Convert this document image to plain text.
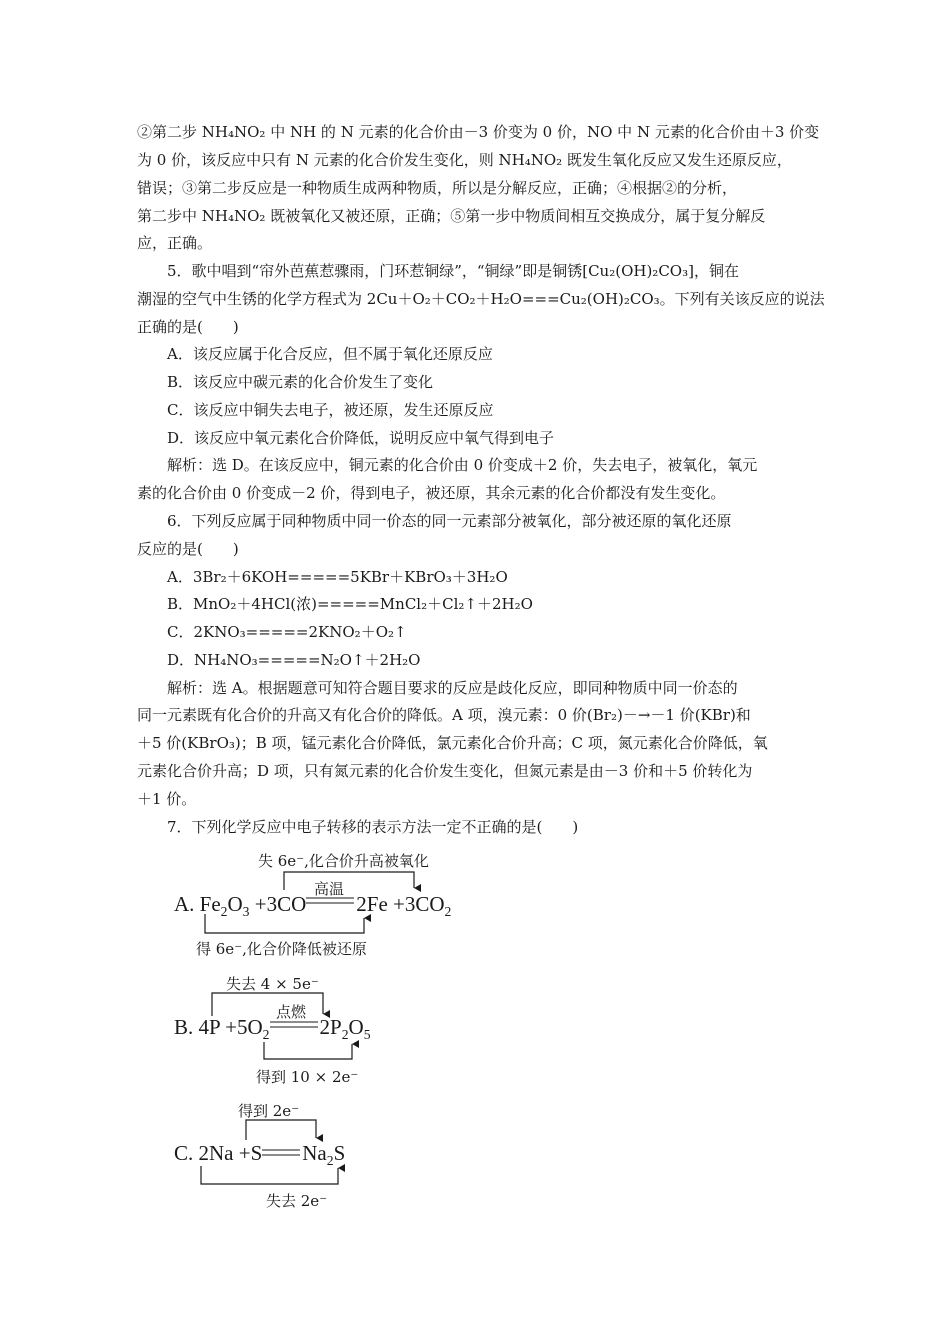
②第二步 NH₄NO₂ 中 NH 的 N 元素的化合价由－3 价变为 0 价，NO 中 N 元素的化合价由＋3 价变
为 0 价，该反应中只有 N 元素的化合价发生变化，则 NH₄NO₂ 既发生氧化反应又发生还原反应，
错误；③第二步反应是一种物质生成两种物质，所以是分解反应，正确；④根据②的分析，
第二步中 NH₄NO₂ 既被氧化又被还原，正确；⑤第一步中物质间相互交换成分，属于复分解反
应，正确。
5．歌中唱到“帘外芭蕉惹骤雨，门环惹铜绿”，“铜绿”即是铜锈[Cu₂(OH)₂CO₃]，铜在
潮湿的空气中生锈的化学方程式为 2Cu＋O₂＋CO₂＋H₂O===Cu₂(OH)₂CO₃。下列有关该反应的说法
正确的是(　　)
A．该反应属于化合反应，但不属于氧化还原反应
B．该反应中碳元素的化合价发生了变化
C．该反应中铜失去电子，被还原，发生还原反应
D．该反应中氧元素化合价降低，说明反应中氧气得到电子
解析：选 D。在该反应中，铜元素的化合价由 0 价变成＋2 价，失去电子，被氧化，氧元
素的化合价由 0 价变成－2 价，得到电子，被还原，其余元素的化合价都没有发生变化。
6．下列反应属于同种物质中同一价态的同一元素部分被氧化，部分被还原的氧化还原
反应的是(　　)
A．3Br₂＋6KOH=====5KBr＋KBrO₃＋3H₂O
B．MnO₂＋4HCl(浓)=====MnCl₂＋Cl₂↑＋2H₂O
C．2KNO₃=====2KNO₂＋O₂↑
D．NH₄NO₃=====N₂O↑＋2H₂O
解析：选 A。根据题意可知符合题目要求的反应是歧化反应，即同种物质中同一价态的
同一元素既有化合价的升高又有化合价的降低。A 项，溴元素：0 价(Br₂)－→－1 价(KBr)和
＋5 价(KBrO₃)；B 项，锰元素化合价降低，氯元素化合价升高；C 项，氮元素化合价降低，氧
元素化合价升高；D 项，只有氮元素的化合价发生变化，但氮元素是由－3 价和＋5 价转化为
＋1 价。
7．下列化学反应中电子转移的表示方法一定不正确的是(　　)
失 6e⁻,化合价升高被氧化
高温
A. $Fe_2O_3 +3CO$ $2Fe +3CO_2$
得 6e⁻,化合价降低被还原
失去 4 × 5e⁻
点燃
B. $4P +5O_2$ $2P_2O_5$
得到 10 × 2e⁻
得到 2e⁻
C. 2Na +S $Na_2S$
失去 2e⁻
